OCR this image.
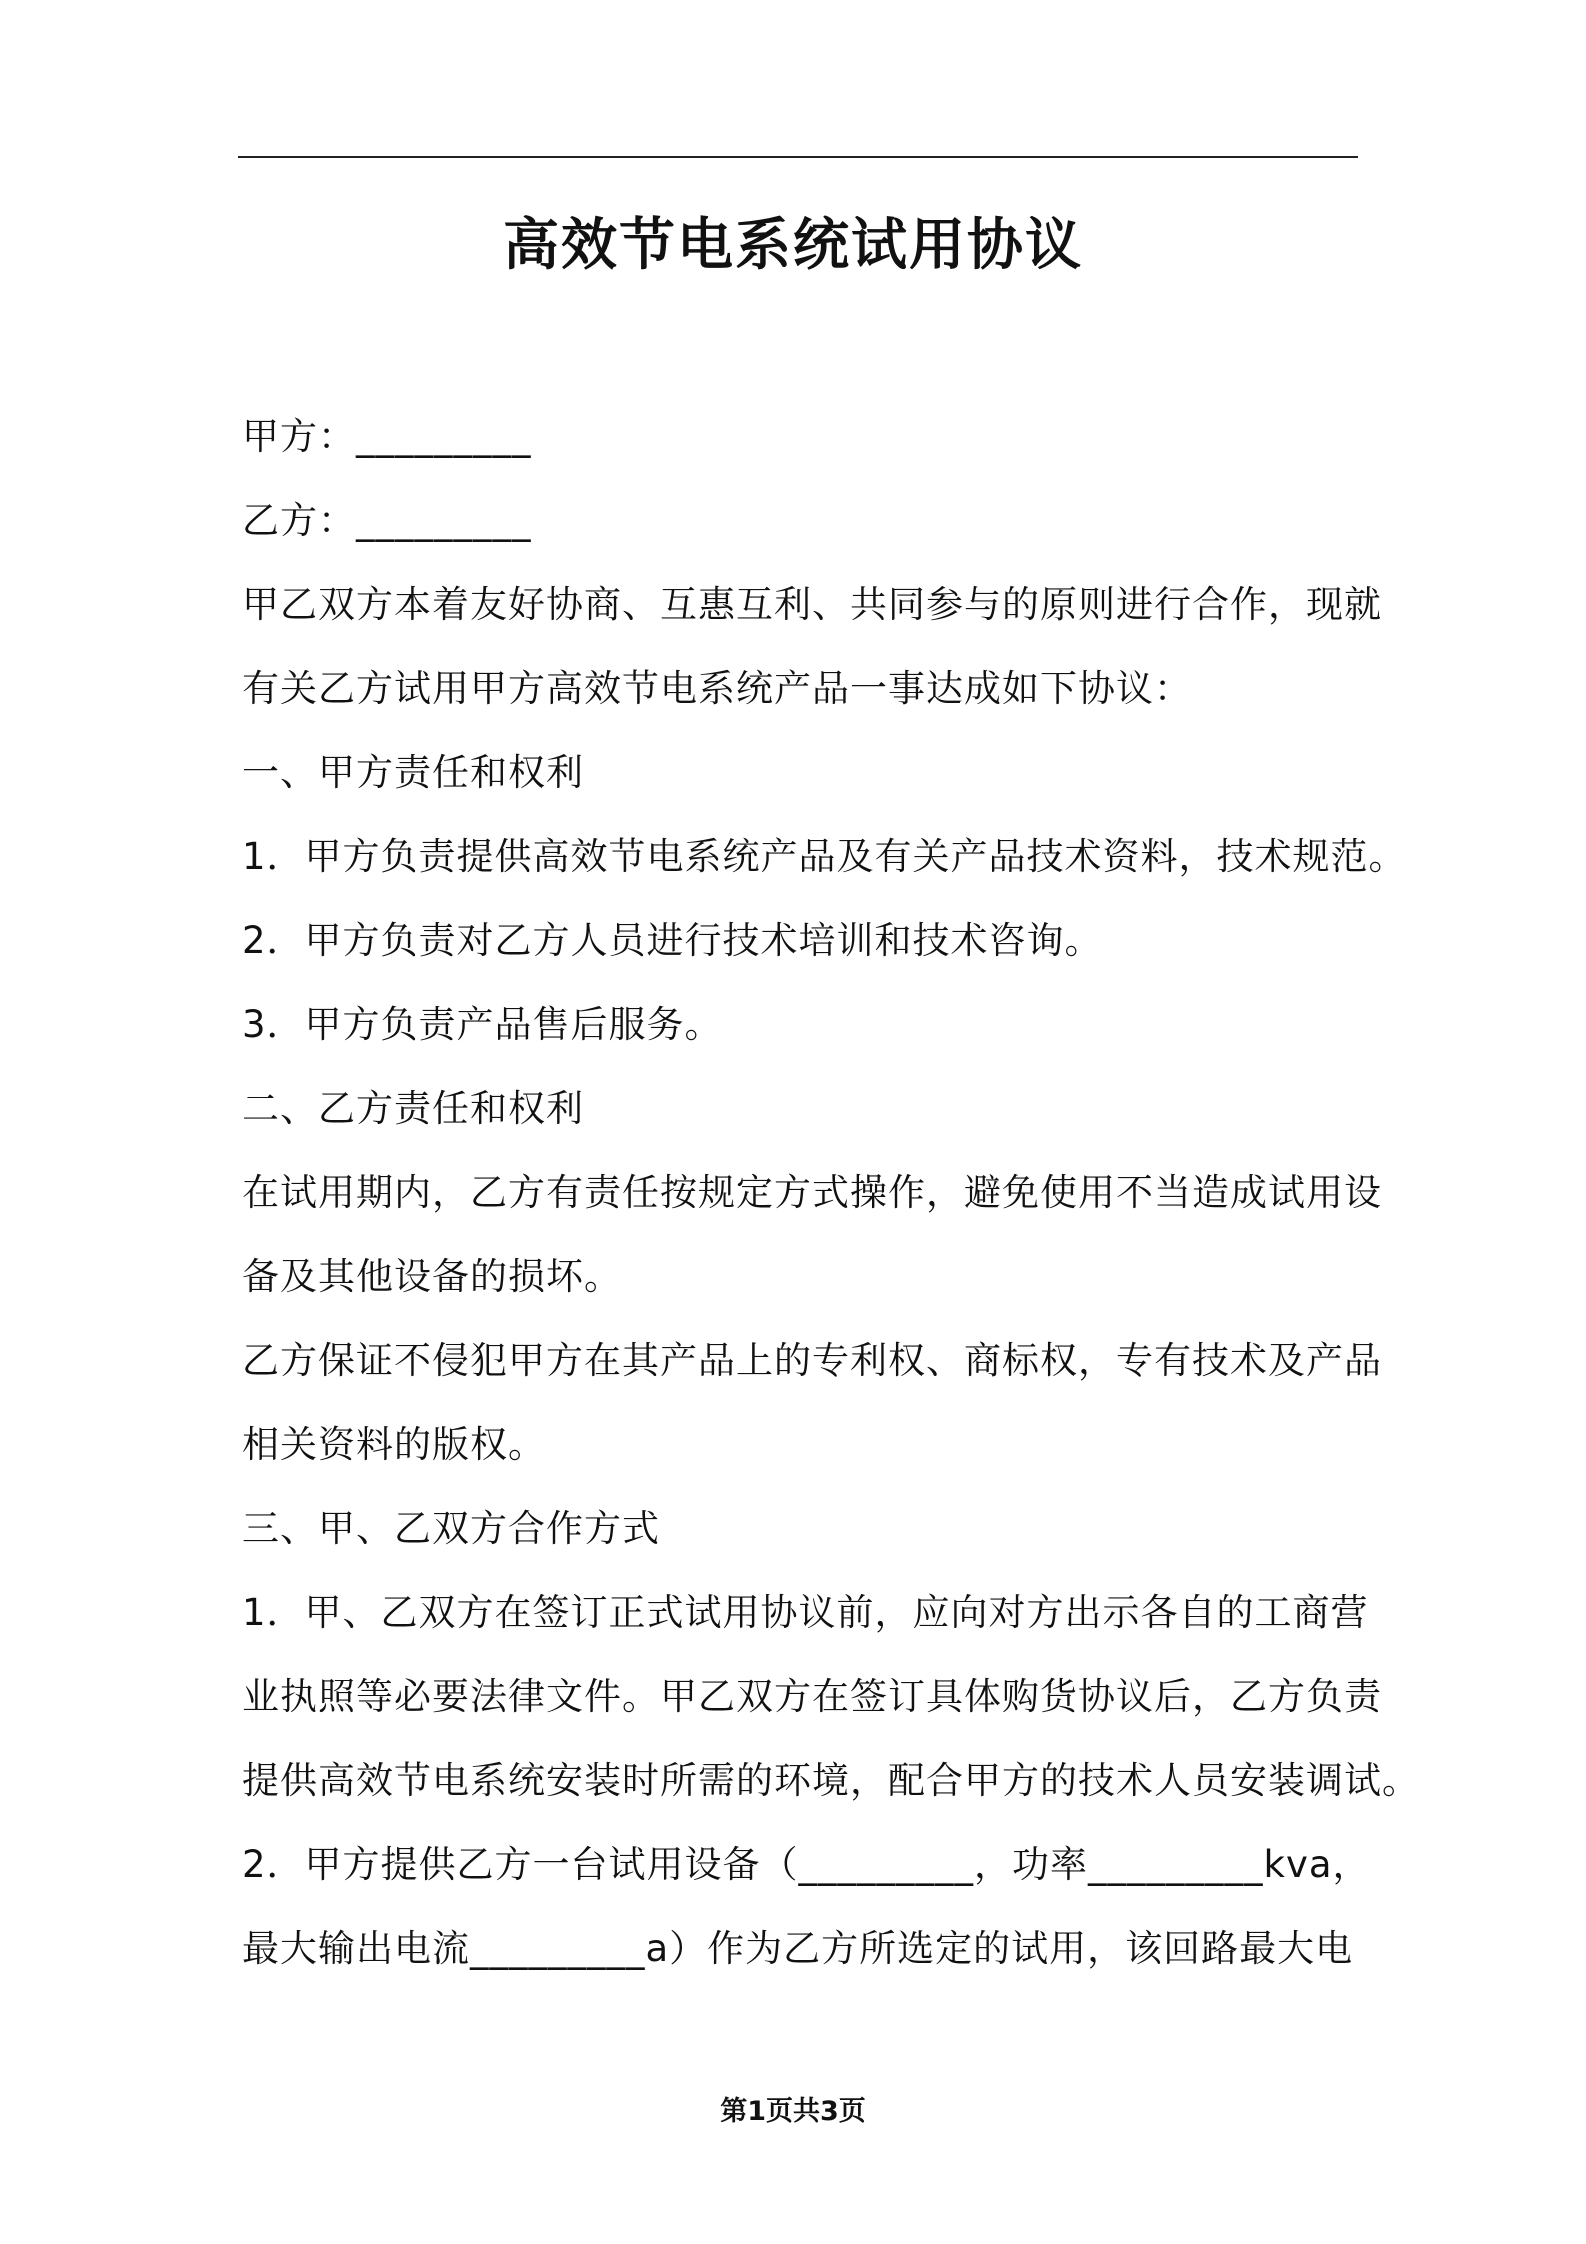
高效节电系统试用协议
甲方：_________
乙方：_________
甲乙双方本着友好协商、互惠互利、共同参与的原则进行合作，现就
有关乙方试用甲方高效节电系统产品一事达成如下协议：
一、甲方责任和权利
1．甲方负责提供高效节电系统产品及有关产品技术资料，技术规范。
2．甲方负责对乙方人员进行技术培训和技术咨询。
3．甲方负责产品售后服务。
二、乙方责任和权利
在试用期内，乙方有责任按规定方式操作，避免使用不当造成试用设
备及其他设备的损坏。
乙方保证不侵犯甲方在其产品上的专利权、商标权，专有技术及产品
相关资料的版权。
三、甲、乙双方合作方式
1．甲、乙双方在签订正式试用协议前，应向对方出示各自的工商营
业执照等必要法律文件。甲乙双方在签订具体购货协议后，乙方负责
提供高效节电系统安装时所需的环境，配合甲方的技术人员安装调试。
2．甲方提供乙方一台试用设备（_________，功率_________kva，
最大输出电流_________a）作为乙方所选定的试用，该回路最大电
第1页共3页
